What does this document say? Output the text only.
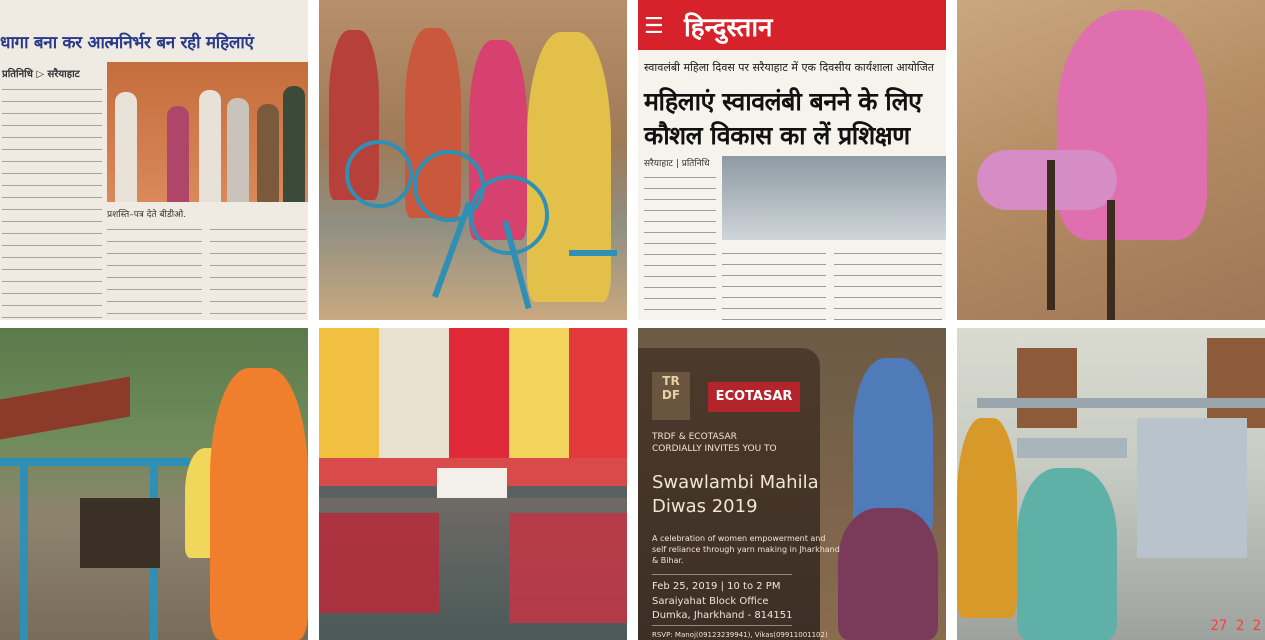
धागा बना कर आत्मनिर्भर बन रही महिलाएं
प्रतिनिधि ▷ सरैयाहाट
प्रशस्ति–पत्र देते बीडीओ.
☰ हिन्दुस्तान
स्वावलंबी महिला दिवस पर सरैयाहाट में एक दिवसीय कार्यशाला आयोजित
महिलाएं स्वावलंबी बनने के लिए
कौशल विकास का लें प्रशिक्षण
सरैयाहाट | प्रतिनिधि
TR DF	ECOTASAR
TRDF & ECOTASAR
CORDIALLY INVITES YOU TO
Swawlambi Mahila
Diwas 2019
A celebration of women empowerment and
self reliance through yarn making in Jharkhand
& Bihar.
Feb 25, 2019 | 10 to 2 PM
Saraiyahat Block Office
Dumka, Jharkhand - 814151
RSVP: Manoj(09123239941), Vikas(09911001102)
27 2 2
